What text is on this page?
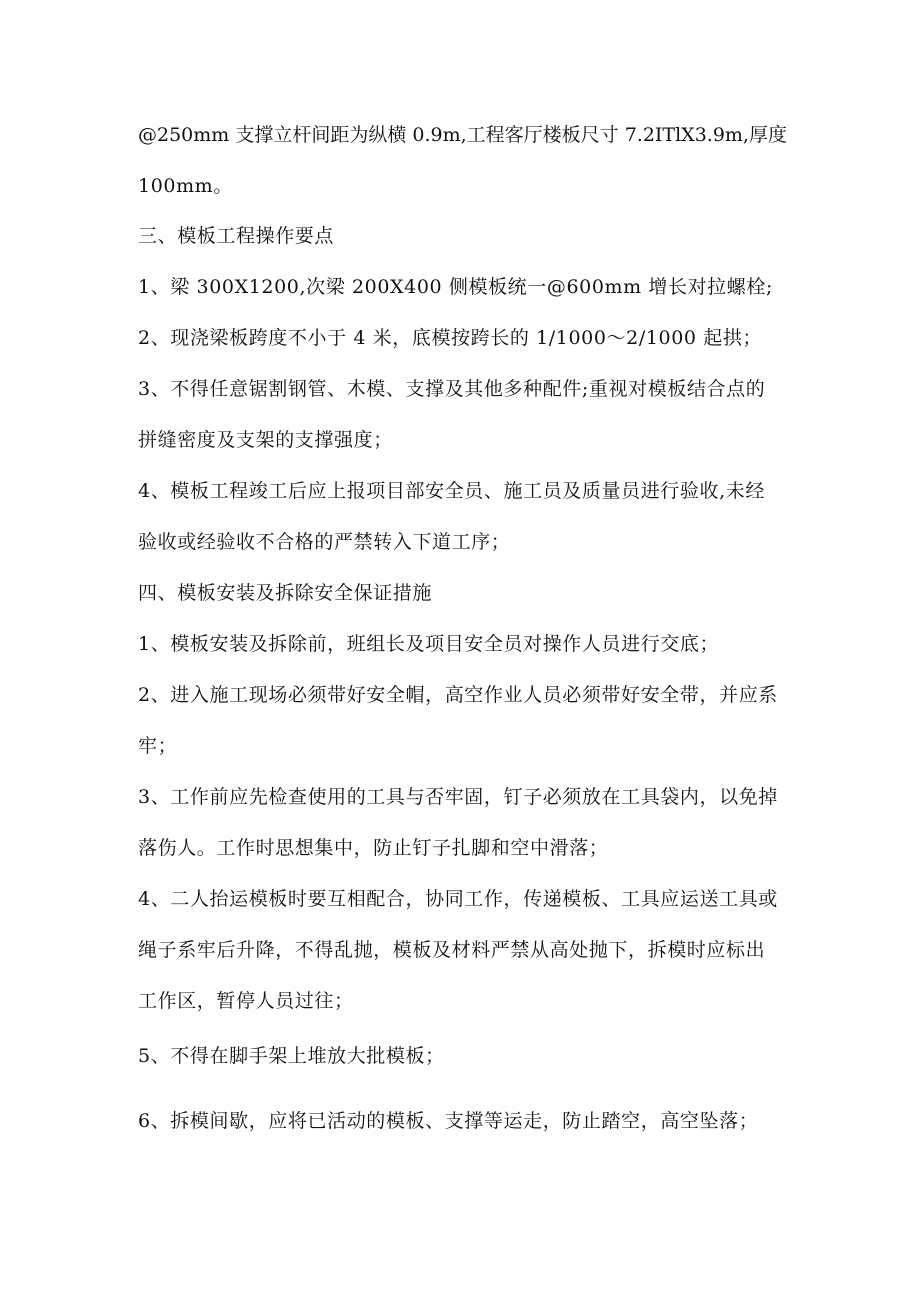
@250mm 支撑立杆间距为纵横 0.9m,工程客厅楼板尺寸 7.2ITlX3.9m,厚度

100mm。

三、模板工程操作要点

1、梁 300X1200,次梁 200X400 侧模板统一@600mm 增长对拉螺栓;

2、现浇梁板跨度不小于 4 米，底模按跨长的 1/1000～2/1000 起拱；

3、不得任意锯割钢管、木模、支撑及其他多种配件;重视对模板结合点的

拼缝密度及支架的支撑强度；

4、模板工程竣工后应上报项目部安全员、施工员及质量员进行验收,未经

验收或经验收不合格的严禁转入下道工序；

四、模板安装及拆除安全保证措施

1、模板安装及拆除前，班组长及项目安全员对操作人员进行交底；

2、进入施工现场必须带好安全帽，高空作业人员必须带好安全带，并应系

牢；

3、工作前应先检查使用的工具与否牢固，钉子必须放在工具袋内，以免掉

落伤人。工作时思想集中，防止钉子扎脚和空中滑落；

4、二人抬运模板时要互相配合，协同工作，传递模板、工具应运送工具或

绳子系牢后升降，不得乱抛，模板及材料严禁从高处抛下，拆模时应标出

工作区，暂停人员过往；

5、不得在脚手架上堆放大批模板；

6、拆模间歇，应将已活动的模板、支撑等运走，防止踏空，高空坠落；
